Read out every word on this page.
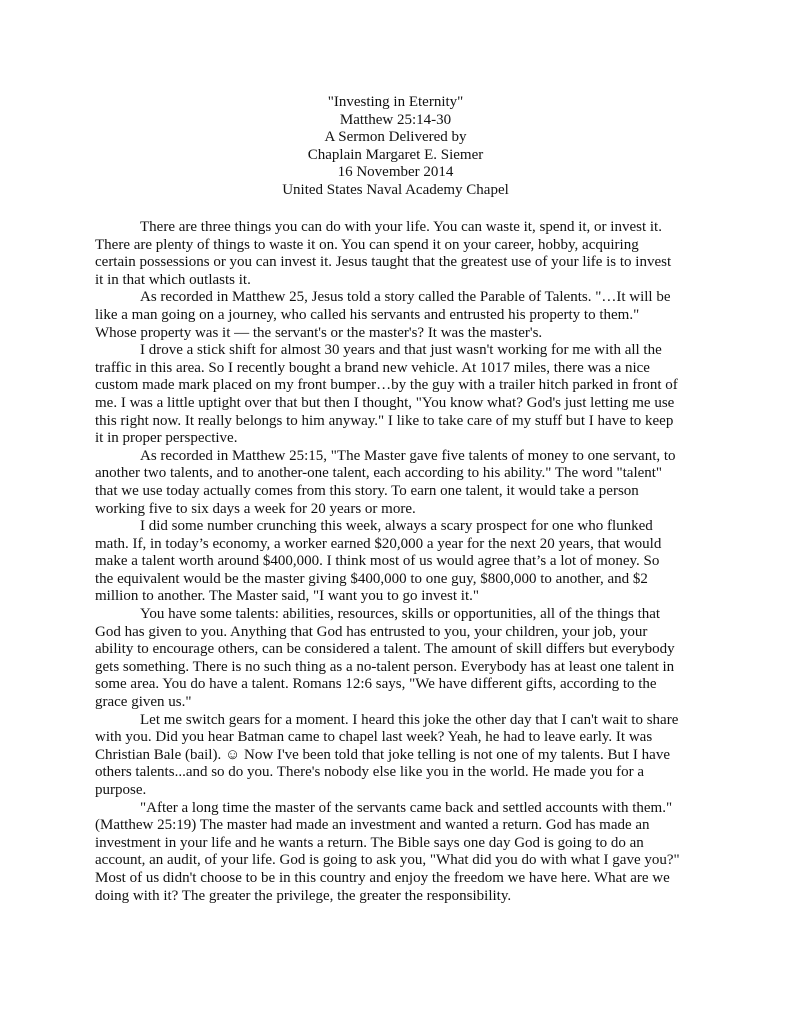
"Investing in Eternity"
Matthew 25:14-30
A Sermon Delivered by
Chaplain Margaret E. Siemer
16 November 2014
United States Naval Academy Chapel
There are three things you can do with your life. You can waste it, spend it, or invest it.
There are plenty of things to waste it on. You can spend it on your career, hobby, acquiring
certain possessions or you can invest it. Jesus taught that the greatest use of your life is to invest
it in that which outlasts it.
As recorded in Matthew 25, Jesus told a story called the Parable of Talents. "…It will be
like a man going on a journey, who called his servants and entrusted his property to them."
Whose property was it — the servant's or the master's? It was the master's.
I drove a stick shift for almost 30 years and that just wasn't working for me with all the
traffic in this area. So I recently bought a brand new vehicle. At 1017 miles, there was a nice
custom made mark placed on my front bumper…by the guy with a trailer hitch parked in front of
me. I was a little uptight over that but then I thought, "You know what? God's just letting me use
this right now. It really belongs to him anyway." I like to take care of my stuff but I have to keep
it in proper perspective.
As recorded in Matthew 25:15, "The Master gave five talents of money to one servant, to
another two talents, and to another-one talent, each according to his ability." The word "talent"
that we use today actually comes from this story. To earn one talent, it would take a person
working five to six days a week for 20 years or more.
I did some number crunching this week, always a scary prospect for one who flunked
math. If, in today’s economy, a worker earned $20,000 a year for the next 20 years, that would
make a talent worth around $400,000. I think most of us would agree that’s a lot of money. So
the equivalent would be the master giving $400,000 to one guy, $800,000 to another, and $2
million to another. The Master said, "I want you to go invest it."
You have some talents: abilities, resources, skills or opportunities, all of the things that
God has given to you. Anything that God has entrusted to you, your children, your job, your
ability to encourage others, can be considered a talent. The amount of skill differs but everybody
gets something. There is no such thing as a no-talent person. Everybody has at least one talent in
some area. You do have a talent. Romans 12:6 says, "We have different gifts, according to the
grace given us."
Let me switch gears for a moment. I heard this joke the other day that I can't wait to share
with you. Did you hear Batman came to chapel last week? Yeah, he had to leave early. It was
Christian Bale (bail). ☺ Now I've been told that joke telling is not one of my talents. But I have
others talents...and so do you. There's nobody else like you in the world. He made you for a
purpose.
"After a long time the master of the servants came back and settled accounts with them."
(Matthew 25:19) The master had made an investment and wanted a return. God has made an
investment in your life and he wants a return. The Bible says one day God is going to do an
account, an audit, of your life. God is going to ask you, "What did you do with what I gave you?"
Most of us didn't choose to be in this country and enjoy the freedom we have here. What are we
doing with it? The greater the privilege, the greater the responsibility.
